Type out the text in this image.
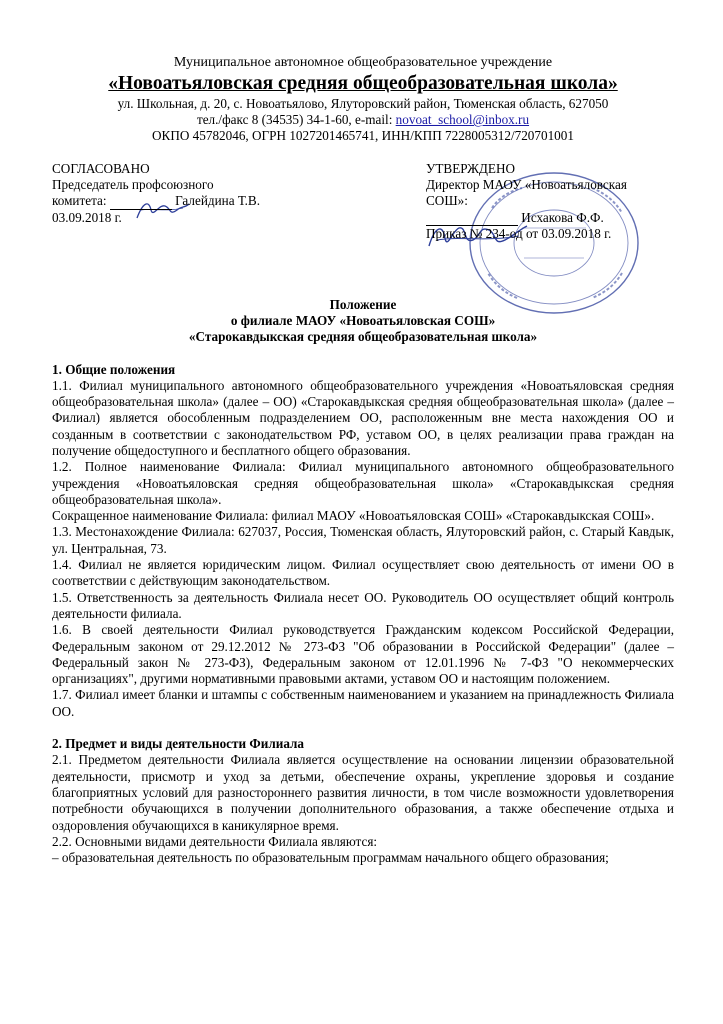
Муниципальное автономное общеобразовательное учреждение
«Новоатьяловская средняя общеобразовательная школа»
ул. Школьная, д. 20, с. Новоатьялово, Ялуторовский район, Тюменская область, 627050
тел./факс 8 (34535) 34-1-60, e-mail: novoat_school@inbox.ru
ОКПО 45782046, ОГРН 1027201465741, ИНН/КПП 7228005312/720701001
СОГЛАСОВАНО
Председатель профсоюзного
комитета:	Галейдина Т.В.
03.09.2018 г.
УТВЕРЖДЕНО
Директор МАОУ «Новоатьяловская
СОШ»:
Исхакова Ф.Ф.
Приказ № 234-од от 03.09.2018 г.
Положение
о филиале МАОУ «Новоатьяловская СОШ»
«Старокавдыкская средняя общеобразовательная школа»
1. Общие положения
1.1. Филиал муниципального автономного общеобразовательного учреждения «Новоатьяловская средняя общеобразовательная школа» (далее – ОО) «Старокавдыкская средняя общеобразовательная школа» (далее – Филиал) является обособленным подразделением ОО, расположенным вне места нахождения ОО и созданным в соответствии с законодательством РФ, уставом ОО, в целях реализации права граждан на получение общедоступного и бесплатного общего образования.
1.2. Полное наименование Филиала: Филиал муниципального автономного общеобразовательного учреждения «Новоатьяловская средняя общеобразовательная школа» «Старокавдыкская средняя общеобразовательная школа».
Сокращенное наименование Филиала: филиал МАОУ «Новоатьяловская СОШ» «Старокавдыкская СОШ».
1.3. Местонахождение Филиала: 627037, Россия, Тюменская область, Ялуторовский район, с. Старый Кавдык, ул. Центральная, 73.
1.4. Филиал не является юридическим лицом. Филиал осуществляет свою деятельность от имени ОО в соответствии с действующим законодательством.
1.5. Ответственность за деятельность Филиала несет ОО. Руководитель ОО осуществляет общий контроль деятельности филиала.
1.6. В своей деятельности Филиал руководствуется Гражданским кодексом Российской Федерации, Федеральным законом от 29.12.2012 № 273-ФЗ "Об образовании в Российской Федерации" (далее – Федеральный закон № 273-ФЗ), Федеральным законом от 12.01.1996 № 7-ФЗ "О некоммерческих организациях", другими нормативными правовыми актами, уставом ОО и настоящим положением.
1.7. Филиал имеет бланки и штампы с собственным наименованием и указанием на принадлежность Филиала ОО.
2. Предмет и виды деятельности Филиала
2.1. Предметом деятельности Филиала является осуществление на основании лицензии образовательной деятельности, присмотр и уход за детьми, обеспечение охраны, укрепление здоровья и создание благоприятных условий для разностороннего развития личности, в том числе возможности удовлетворения потребности обучающихся в получении дополнительного образования, а также обеспечение отдыха и оздоровления обучающихся в каникулярное время.
2.2. Основными видами деятельности Филиала являются:
– образовательная деятельность по образовательным программам начального общего образования;
